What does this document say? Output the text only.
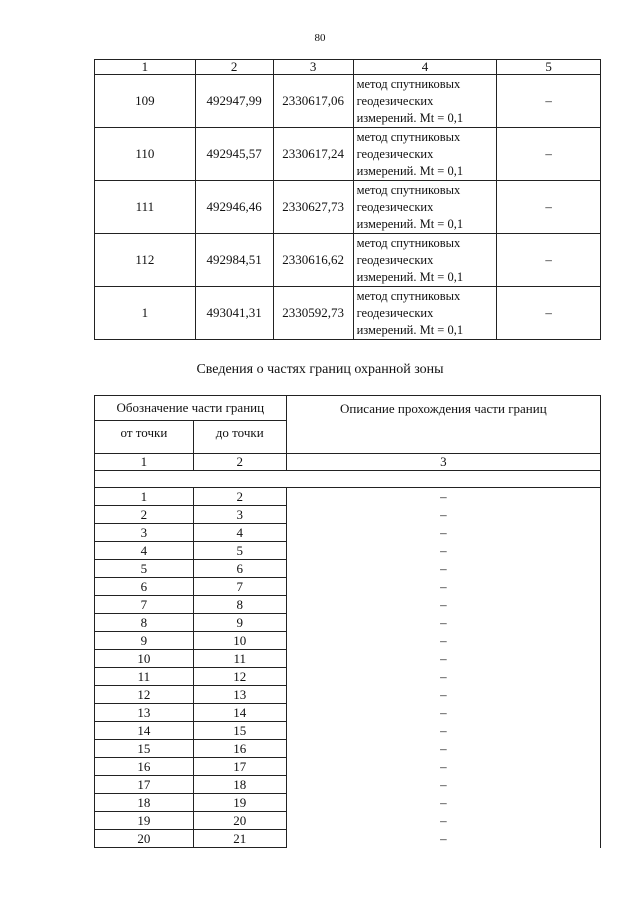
80
1	2	3	4	5
109	492947,99	2330617,06	метод спутниковых
геодезических
измерений. Mt = 0,1	–
110	492945,57	2330617,24	метод спутниковых
геодезических
измерений. Mt = 0,1	–
111	492946,46	2330627,73	метод спутниковых
геодезических
измерений. Mt = 0,1	–
112	492984,51	2330616,62	метод спутниковых
геодезических
измерений. Mt = 0,1	–
1	493041,31	2330592,73	метод спутниковых
геодезических
измерений. Mt = 0,1	–
Сведения о частях границ охранной зоны
Обозначение части границ		Описание прохождения части границ
от точки	до точки	
1	2	3

1	2	–
2	3	–
3	4	–
4	5	–
5	6	–
6	7	–
7	8	–
8	9	–
9	10	–
10	11	–
11	12	–
12	13	–
13	14	–
14	15	–
15	16	–
16	17	–
17	18	–
18	19	–
19	20	–
20	21	–
